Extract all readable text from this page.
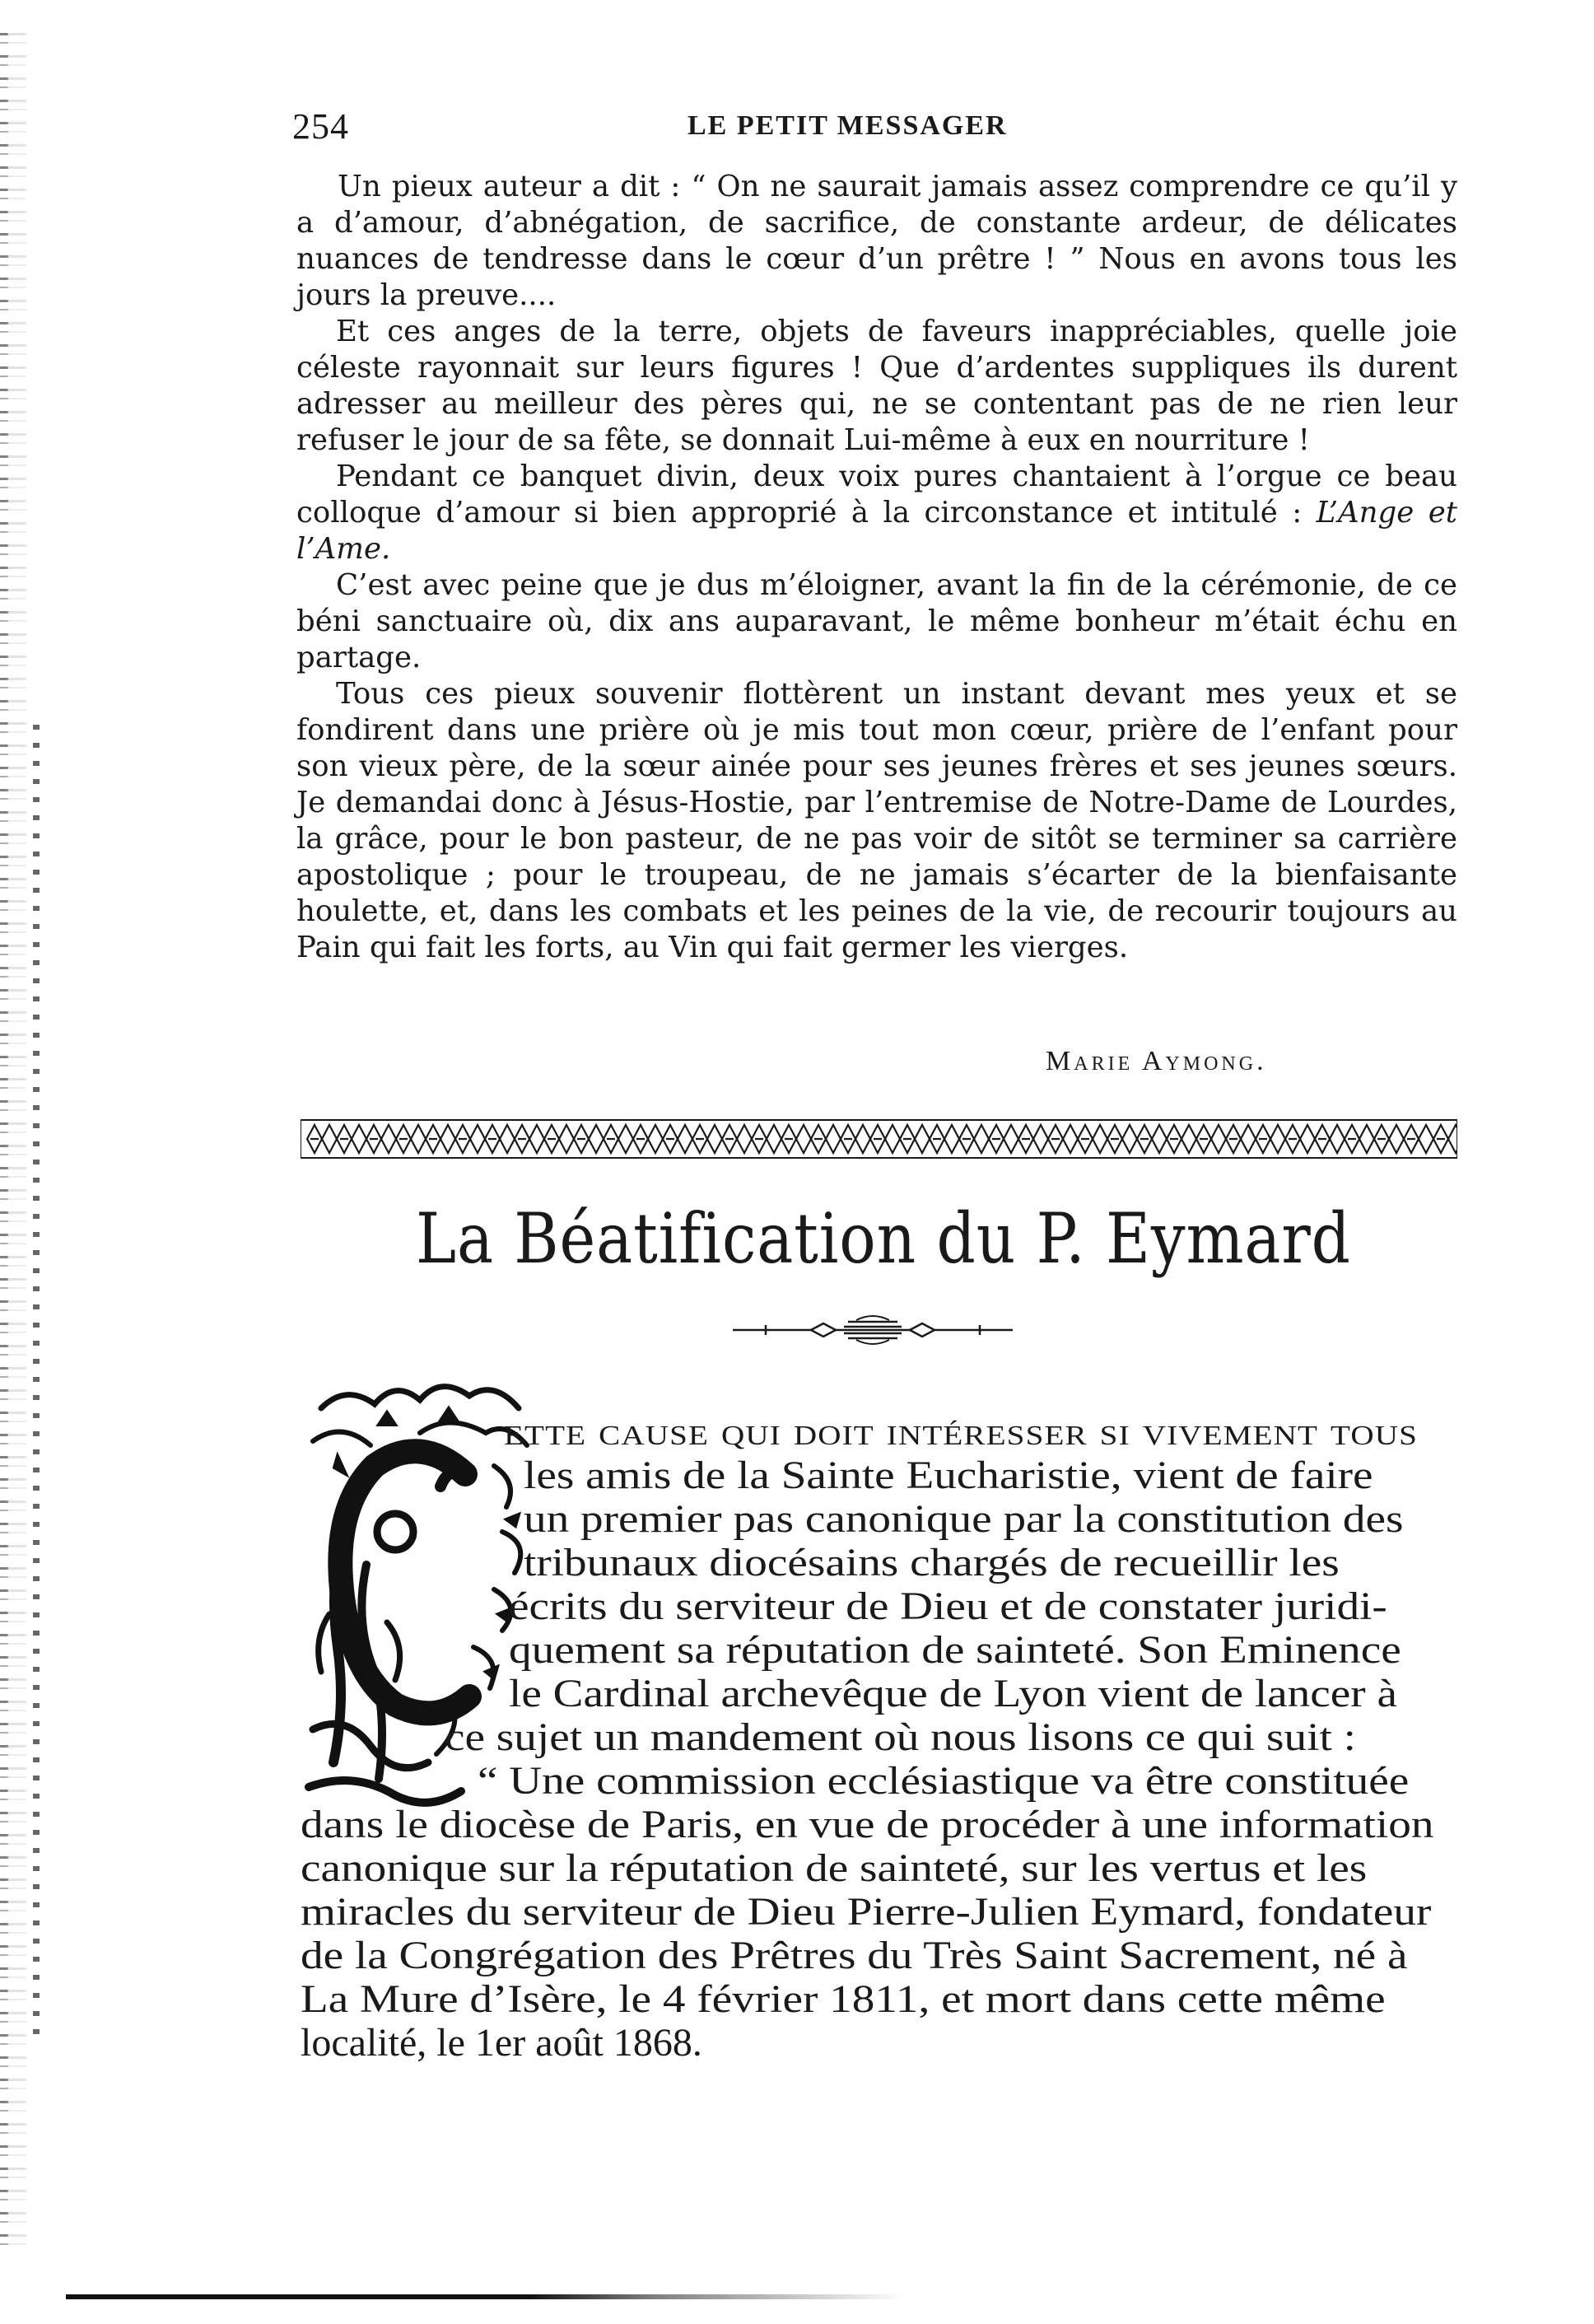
254	LE PETIT MESSAGER

Un pieux auteur a dit : “ On ne saurait jamais assez comprendre ce qu’il y a d’amour, d’abnégation, de sacrifice, de constante ardeur, de délicates nuances de tendresse dans le cœur d’un prêtre ! ” Nous en avons tous les jours la preuve....

Et ces anges de la terre, objets de faveurs inappréciables, quelle joie céleste rayonnait sur leurs figures ! Que d’ardentes suppliques ils durent adresser au meilleur des pères qui, ne se contentant pas de ne rien leur refuser le jour de sa fête, se donnait Lui-même à eux en nourriture !

Pendant ce banquet divin, deux voix pures chantaient à l’orgue ce beau colloque d’amour si bien approprié à la circonstance et intitulé : L’Ange et l’Ame.

C’est avec peine que je dus m’éloigner, avant la fin de la cérémonie, de ce béni sanctuaire où, dix ans auparavant, le même bonheur m’était échu en partage.

Tous ces pieux souvenir flottèrent un instant devant mes yeux et se fondirent dans une prière où je mis tout mon cœur, prière de l’enfant pour son vieux père, de la sœur ainée pour ses jeunes frères et ses jeunes sœurs. Je demandai donc à Jésus-Hostie, par l’entremise de Notre-Dame de Lourdes, la grâce, pour le bon pasteur, de ne pas voir de sitôt se terminer sa carrière apostolique ; pour le troupeau, de ne jamais s’écarter de la bienfaisante houlette, et, dans les combats et les peines de la vie, de recourir toujours au Pain qui fait les forts, au Vin qui fait germer les vierges.

Marie Aymong.
La Béatification du P. Eymard
ette cause qui doit intéresser si vivement tous
les amis de la Sainte Eucharistie, vient de faire
un premier pas canonique par la constitution des
tribunaux diocésains chargés de recueillir les
écrits du serviteur de Dieu et de constater juridi-
quement sa réputation de sainteté. Son Eminence
le Cardinal archevêque de Lyon vient de lancer à
ce sujet un mandement où nous lisons ce qui suit :
“ Une commission ecclésiastique va être constituée
dans le diocèse de Paris, en vue de procéder à une information
canonique sur la réputation de sainteté, sur les vertus et les
miracles du serviteur de Dieu Pierre-Julien Eymard, fondateur
de la Congrégation des Prêtres du Très Saint Sacrement, né à
La Mure d’Isère, le 4 février 1811, et mort dans cette même
localité, le 1er août 1868.
